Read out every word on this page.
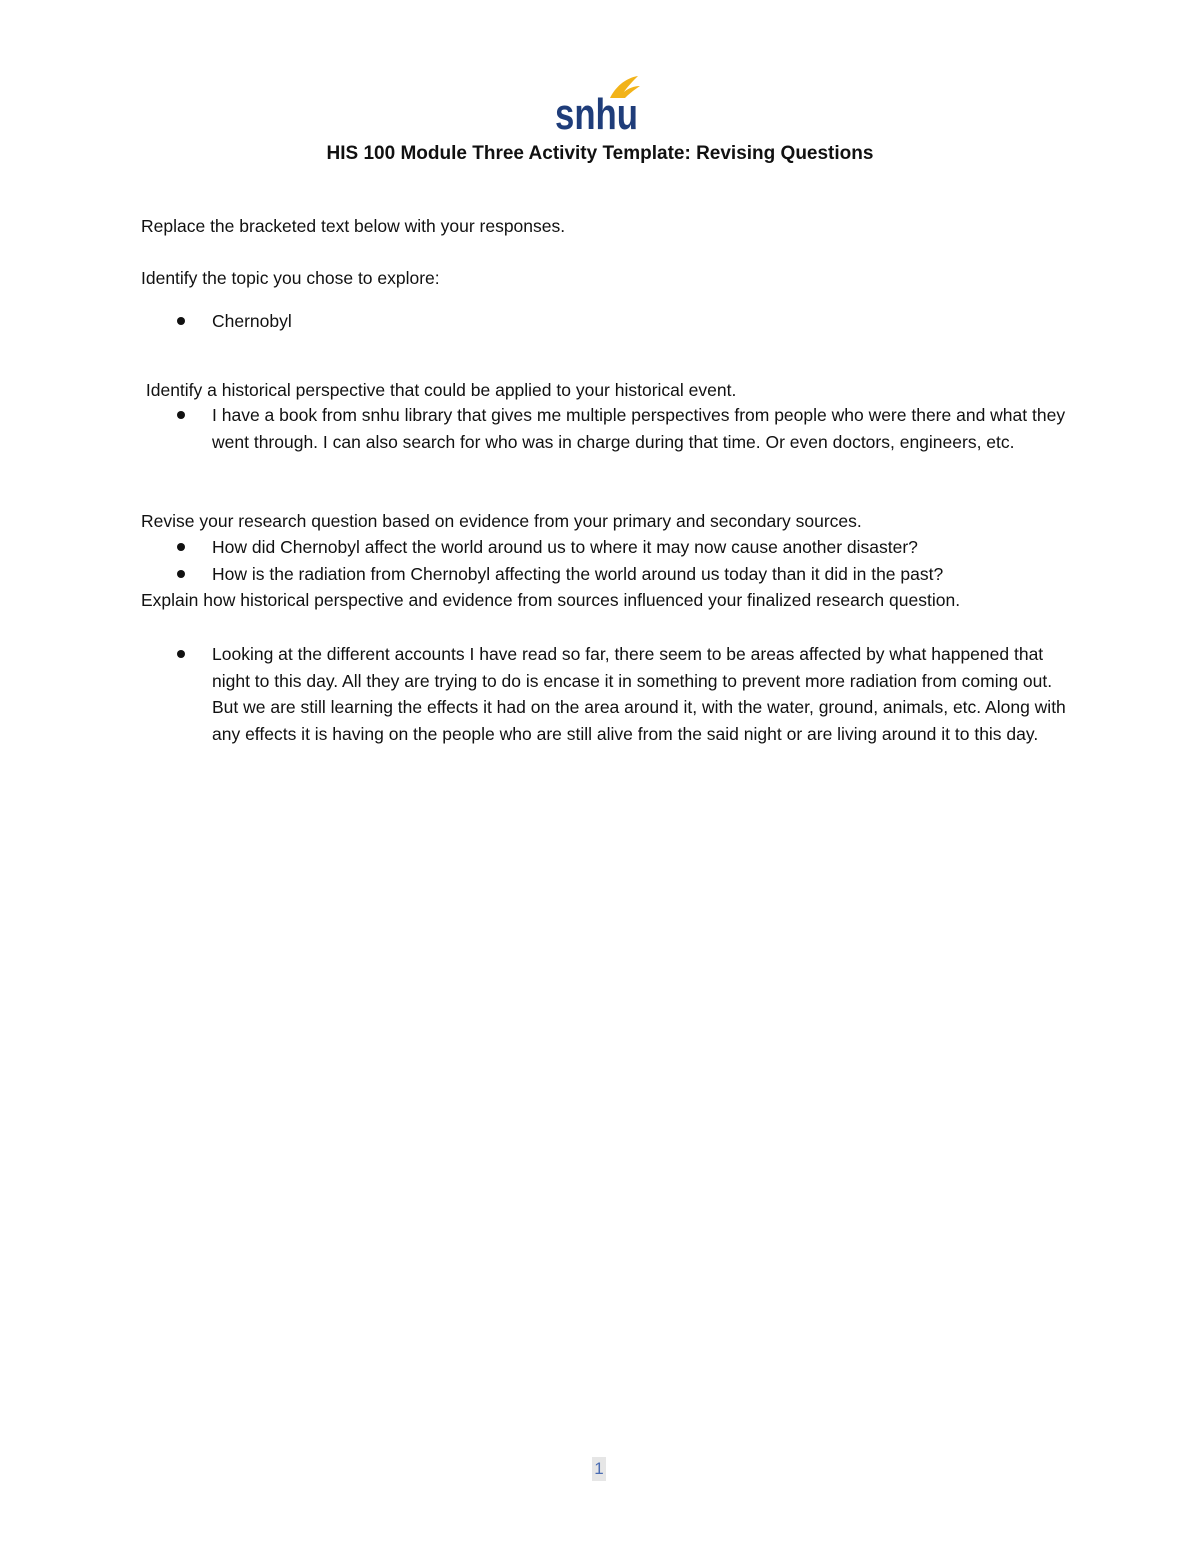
snhu
HIS 100 Module Three Activity Template: Revising Questions
Replace the bracketed text below with your responses.
Identify the topic you chose to explore:
Chernobyl
Identify a historical perspective that could be applied to your historical event.
I have a book from snhu library that gives me multiple perspectives from people who were there and what they went through. I can also search for who was in charge during that time. Or even doctors, engineers, etc.
Revise your research question based on evidence from your primary and secondary sources.
How did Chernobyl affect the world around us to where it may now cause another disaster?
How is the radiation from Chernobyl affecting the world around us today than it did in the past?
Explain how historical perspective and evidence from sources influenced your finalized research question.
Looking at the different accounts I have read so far, there seem to be areas affected by what happened that night to this day. All they are trying to do is encase it in something to prevent more radiation from coming out. But we are still learning the effects it had on the area around it, with the water, ground, animals, etc. Along with any effects it is having on the people who are still alive from the said night or are living around it to this day.
1
